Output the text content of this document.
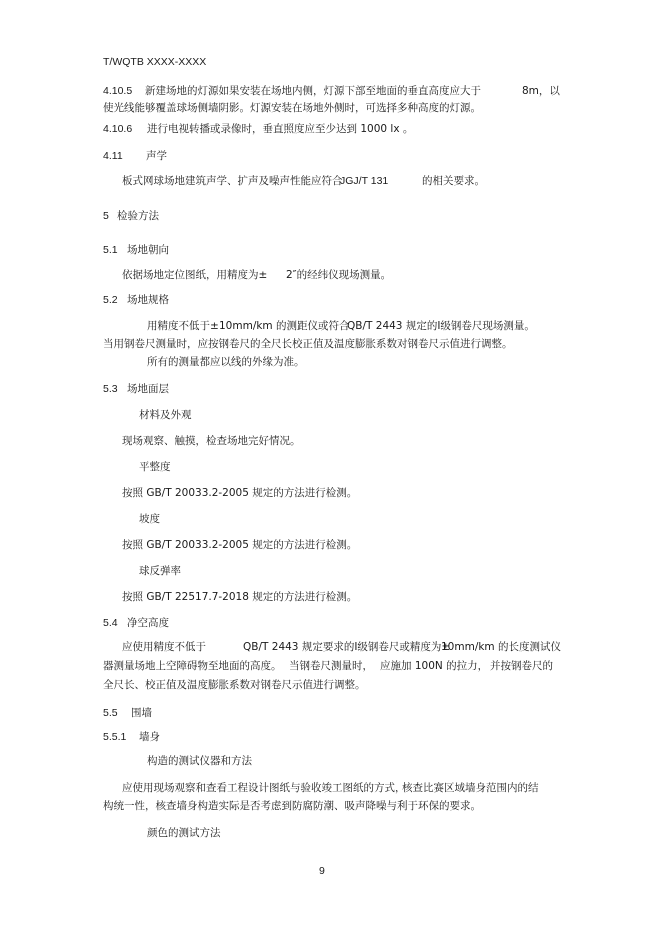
T/WQTB XXXX-XXXX
4.10.5 新建场地的灯源如果安装在场地内侧，灯源下部至地面的垂直高度应大于	8m，以
使光线能够覆盖球场侧墙阴影。灯源安装在场地外侧时，可选择多种高度的灯源。
4.10.6 进行电视转播或录像时，垂直照度应至少达到 1000 lx 。
4.11 声学
板式网球场地建筑声学、扩声及噪声性能应符合
JGJ/T 131	的相关要求。
5 检验方法
5.1 场地朝向
依据场地定位图纸，用精度为± 2″的经纬仪现场测量。
5.2 场地规格
用精度不低于± 10mm/km 的测距仪或符合
QB/T 2443 规定的Ⅰ级钢卷尺现场测量。
当用钢卷尺测量时，应按钢卷尺的全尺长校正值及温度膨胀系数对钢卷尺示值进行调整。
所有的测量都应以线的外缘为准。
5.3 场地面层
材料及外观
现场观察、触摸，检查场地完好情况。
平整度
按照 GB/T 20033.2-2005 规定的方法进行检测。
坡度
按照 GB/T 20033.2-2005 规定的方法进行检测。
球反弹率
按照 GB/T 22517.7-2018 规定的方法进行检测。
5.4 净空高度
应使用精度不低于	QB/T 2443 规定要求的Ⅰ级钢卷尺或精度为±
10mm/km 的长度测试仪
器测量场地上空障碍物至地面的高度。 当钢卷尺测量时， 应施加 100N 的拉力， 并按钢卷尺的
全尺长、校正值及温度膨胀系数对钢卷尺示值进行调整。
5.5 围墙
5.5.1 墙身
构造的测试仪器和方法
应使用现场观察和查看工程设计图纸与验收竣工图纸的方式，
核查比赛区域墙身范围内的结
构统一性，核查墙身构造实际是否考虑到防腐防潮、吸声降噪与利于环保的要求。
颜色的测试方法
9
